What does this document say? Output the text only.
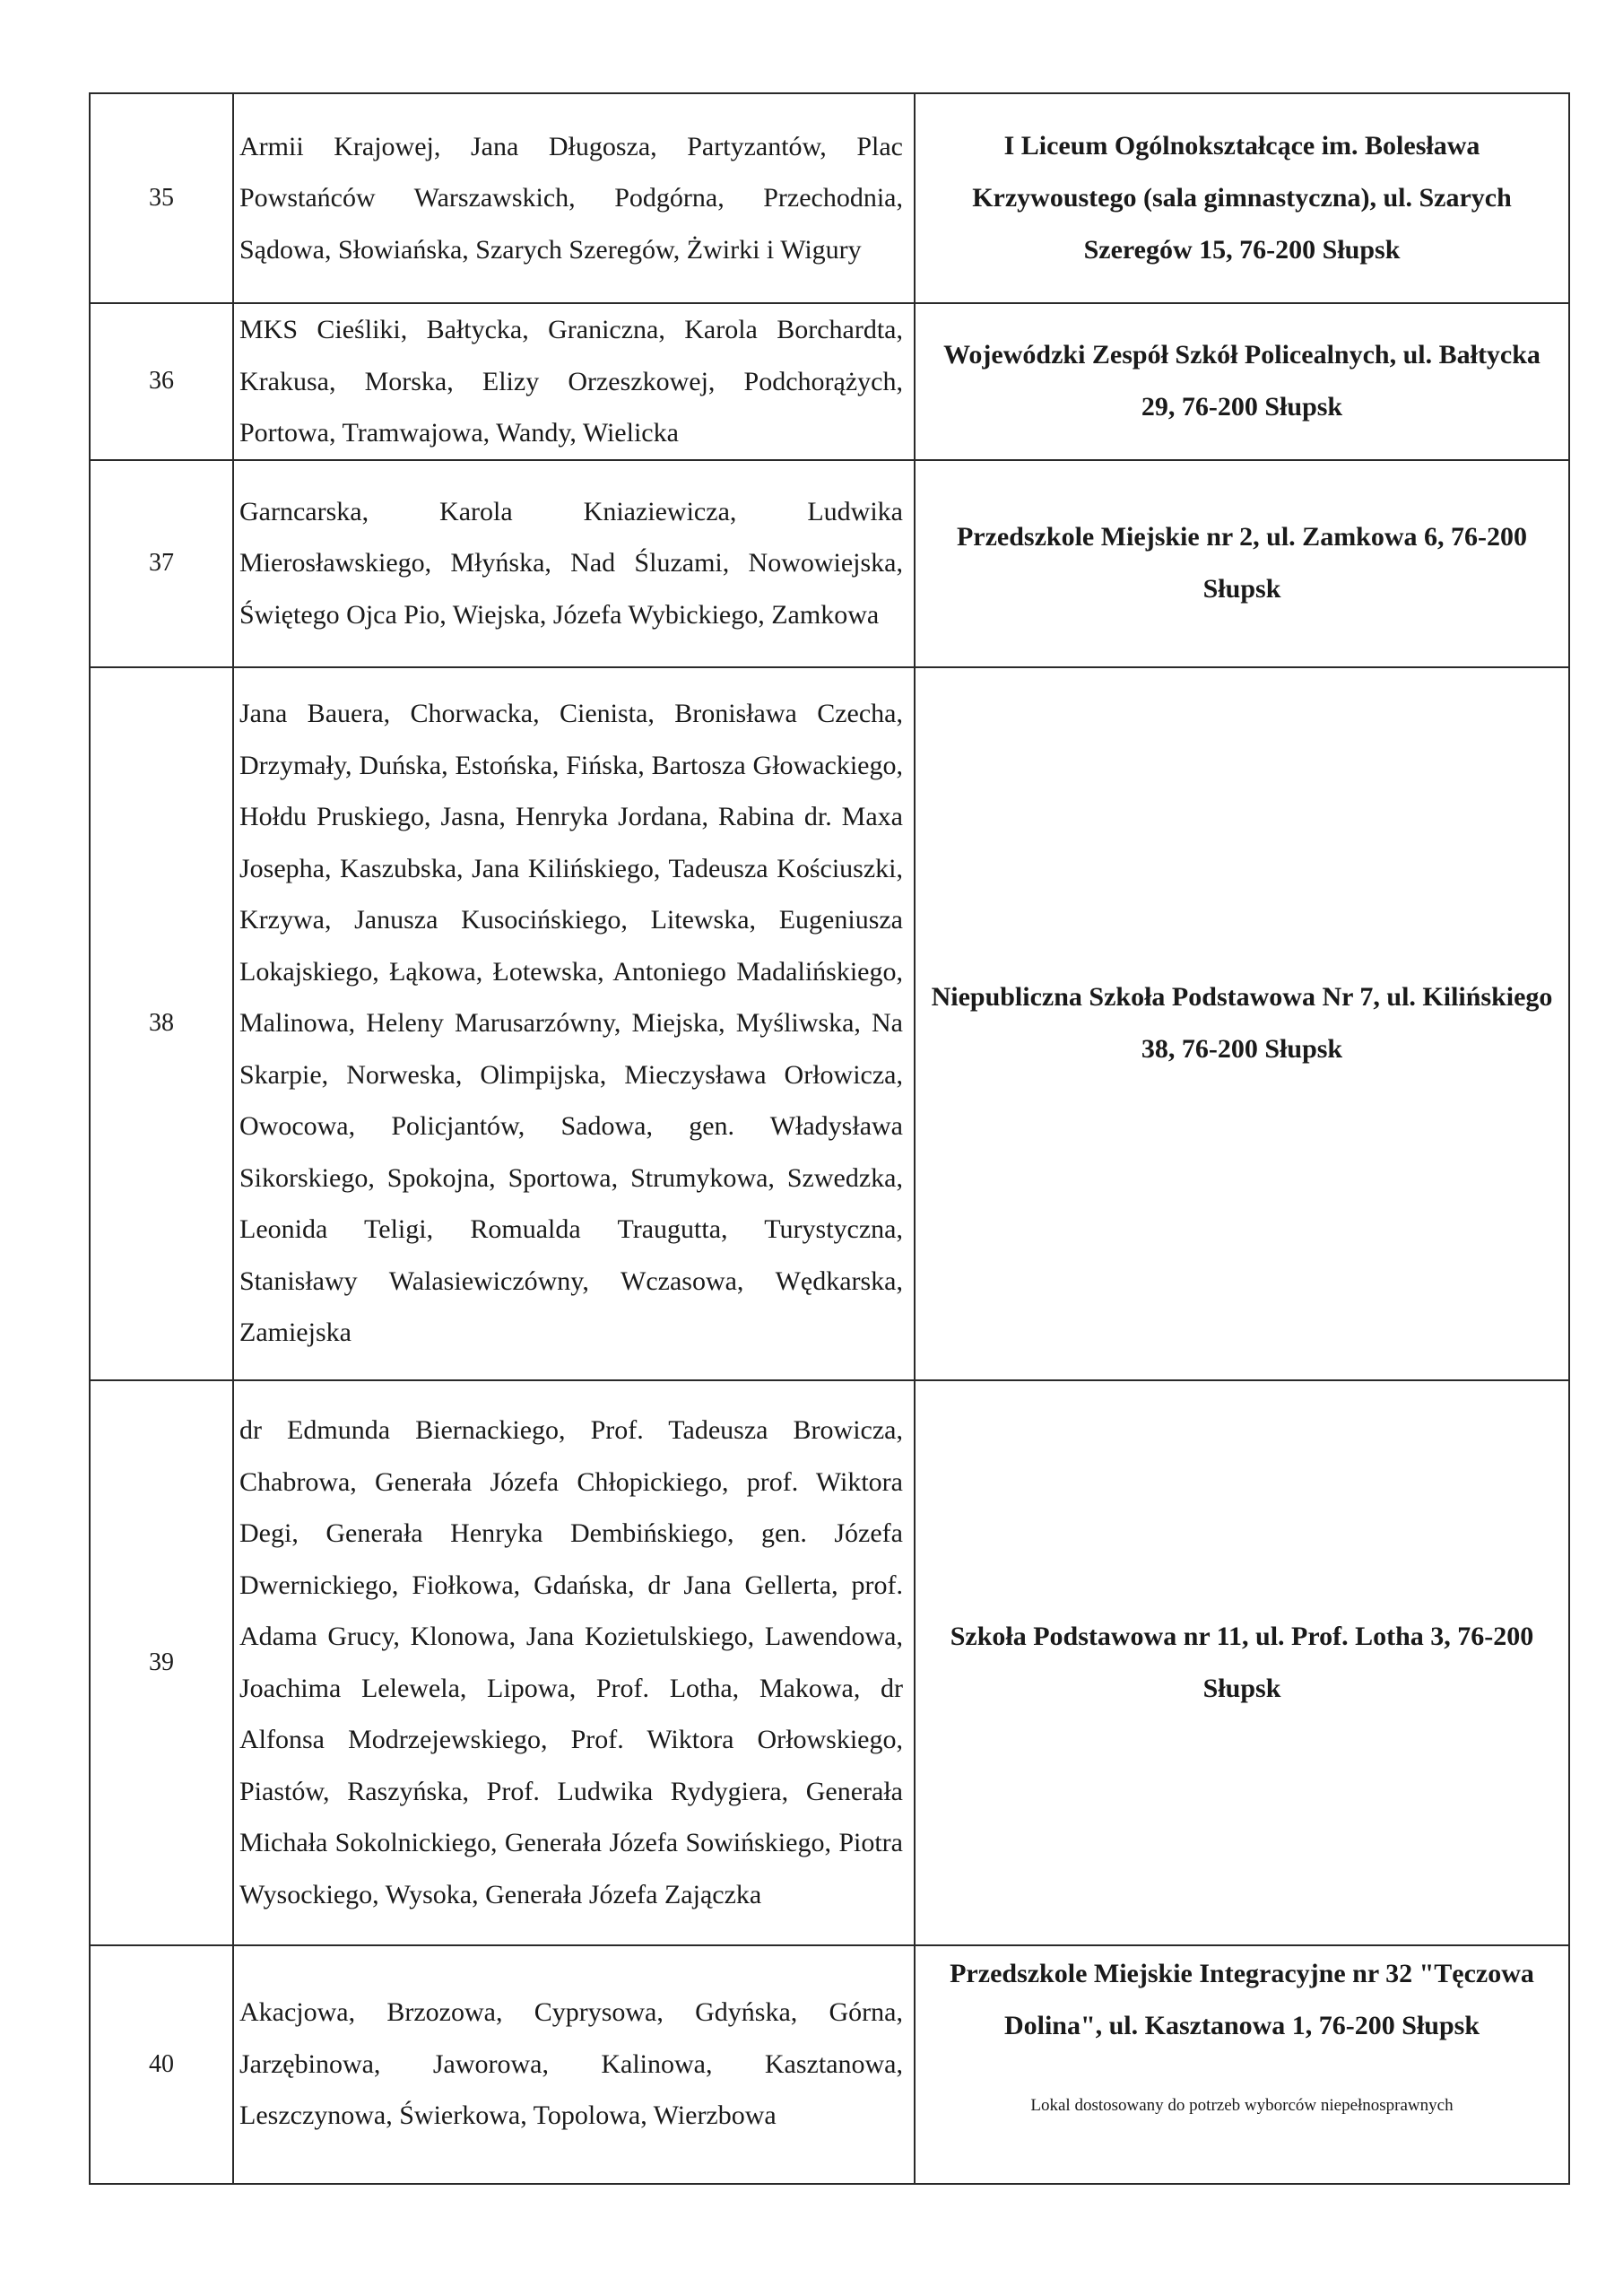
35	Armii Krajowej, Jana Długosza, Partyzantów, Plac Powstańców Warszawskich, Podgórna, Przechodnia, Sądowa, Słowiańska, Szarych Szeregów, Żwirki i Wigury	I Liceum Ogólnokształcące im. Bolesława Krzywoustego (sala gimnastyczna), ul. Szarych Szeregów 15, 76-200 Słupsk
36	MKS Cieśliki, Bałtycka, Graniczna, Karola Borchardta, Krakusa, Morska, Elizy Orzeszkowej, Podchorążych, Portowa, Tramwajowa, Wandy, Wielicka	Wojewódzki Zespół Szkół Policealnych, ul. Bałtycka 29, 76-200 Słupsk
37	Garncarska, Karola Kniaziewicza, Ludwika Mierosławskiego, Młyńska, Nad Śluzami, Nowowiejska, Świętego Ojca Pio, Wiejska, Józefa Wybickiego, Zamkowa	Przedszkole Miejskie nr 2, ul. Zamkowa 6, 76-200 Słupsk
38	Jana Bauera, Chorwacka, Cienista, Bronisława Czecha, Drzymały, Duńska, Estońska, Fińska, Bartosza Głowackiego, Hołdu Pruskiego, Jasna, Henryka Jordana, Rabina dr. Maxa Josepha, Kaszubska, Jana Kilińskiego, Tadeusza Kościuszki, Krzywa, Janusza Kusocińskiego, Litewska, Eugeniusza Lokajskiego, Łąkowa, Łotewska, Antoniego Madalińskiego, Malinowa, Heleny Marusarzówny, Miejska, Myśliwska, Na Skarpie, Norweska, Olimpijska, Mieczysława Orłowicza, Owocowa, Policjantów, Sadowa, gen. Władysława Sikorskiego, Spokojna, Sportowa, Strumykowa, Szwedzka, Leonida Teligi, Romualda Traugutta, Turystyczna, Stanisławy Walasiewiczówny, Wczasowa, Wędkarska, Zamiejska	Niepubliczna Szkoła Podstawowa Nr 7, ul. Kilińskiego 38, 76-200 Słupsk
39	dr Edmunda Biernackiego, Prof. Tadeusza Browicza, Chabrowa, Generała Józefa Chłopickiego, prof. Wiktora Degi, Generała Henryka Dembińskiego, gen. Józefa Dwernickiego, Fiołkowa, Gdańska, dr Jana Gellerta, prof. Adama Grucy, Klonowa, Jana Kozietulskiego, Lawendowa, Joachima Lelewela, Lipowa, Prof. Lotha, Makowa, dr Alfonsa Modrzejewskiego, Prof. Wiktora Orłowskiego, Piastów, Raszyńska, Prof. Ludwika Rydygiera, Generała Michała Sokolnickiego, Generała Józefa Sowińskiego, Piotra Wysockiego, Wysoka, Generała Józefa Zajączka	Szkoła Podstawowa nr 11, ul. Prof. Lotha 3, 76-200 Słupsk
40	Akacjowa, Brzozowa, Cyprysowa, Gdyńska, Górna, Jarzębinowa, Jaworowa, Kalinowa, Kasztanowa, Leszczynowa, Świerkowa, Topolowa, Wierzbowa	Przedszkole Miejskie Integracyjne nr 32 "Tęczowa Dolina", ul. Kasztanowa 1, 76-200 Słupsk
Lokal dostosowany do potrzeb wyborców niepełnosprawnych
